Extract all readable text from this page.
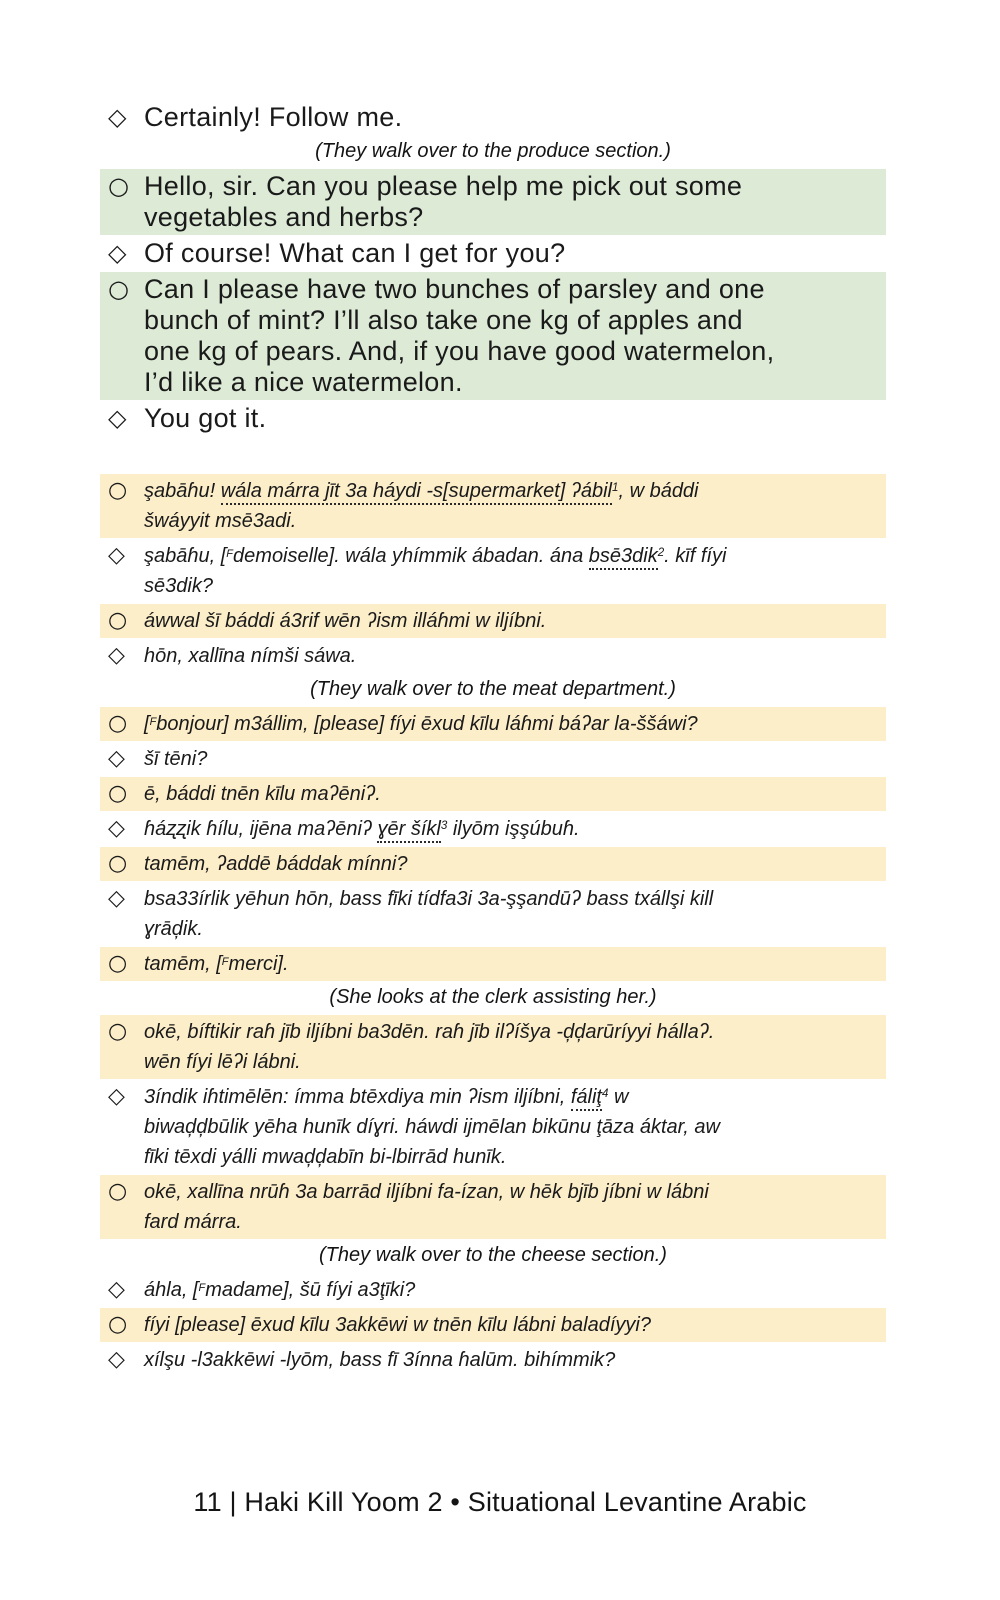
◇ Certainly! Follow me.
(They walk over to the produce section.)
○ Hello, sir. Can you please help me pick out some
vegetables and herbs?
◇ Of course! What can I get for you?
○ Can I please have two bunches of parsley and one
bunch of mint? I’ll also take one kg of apples and
one kg of pears. And, if you have good watermelon,
I’d like a nice watermelon.
◇ You got it.
○ şabāɦu! wála márra jīt 3a háydi -s[supermarket] ʔábil$^1$, w báddi
šwáyyit msē3adi.
◇ şabāɦu, [$^F$demoiselle]. wála yhímmik ábadan. ána bsē3dik$^2$. kīf fíyi
sē3dik?
○ áwwal šī báddi á3rif wēn ʔism illáɦmi w iljíbni.
◇ hōn, xallīna nímši sáwa.
(They walk over to the meat department.)
○ [$^F$bonjour] m3állim, [please] fíyi ēxud kīlu láɦmi báʔar la-ššáwi?
◇ šī tēni?
○ ē, báddi tnēn kīlu maʔēniʔ.
◇ ɦáʐʐik ɦílu, ijēna maʔēniʔ ɣēr šíkl$^3$ ilyōm işşúbuɦ.
○ tamēm, ʔaddē báddak mínni?
◇ bsa33írlik yēhun hōn, bass fīki tídfa3i 3a-şşandūʔ bass txállşi kill
ɣrāḑik.
○ tamēm, [$^F$merci].
(She looks at the clerk assisting her.)
○ okē, bíftikir raɦ jīb iljíbni ba3dēn. raɦ jīb ilʔíšya -ḑḑarūríyyi hállaʔ.
wēn fíyi lēʔi lábni.
◇ 3índik iɦtimēlēn: ímma btēxdiya min ʔism iljíbni, fáliţ$^4$ w
biwaḑḑbūlik yēha hunīk díɣri. háwdi ijmēlan bikūnu ţāza áktar, aw
fīki tēxdi yálli mwaḑḑabīn bi-lbirrād hunīk.
○ okē, xallīna nrūɦ 3a barrād iljíbni fa-ízan, w hēk bjīb jíbni w lábni
fard márra.
(They walk over to the cheese section.)
◇ áhla, [$^F$madame], šū fíyi a3ţīki?
○ fíyi [please] ēxud kīlu 3akkēwi w tnēn kīlu lábni baladíyyi?
◇ xílşu -l3akkēwi -lyōm, bass fī 3ínna ɦalūm. bihímmik?
11 | Haki Kill Yoom 2 • Situational Levantine Arabic
